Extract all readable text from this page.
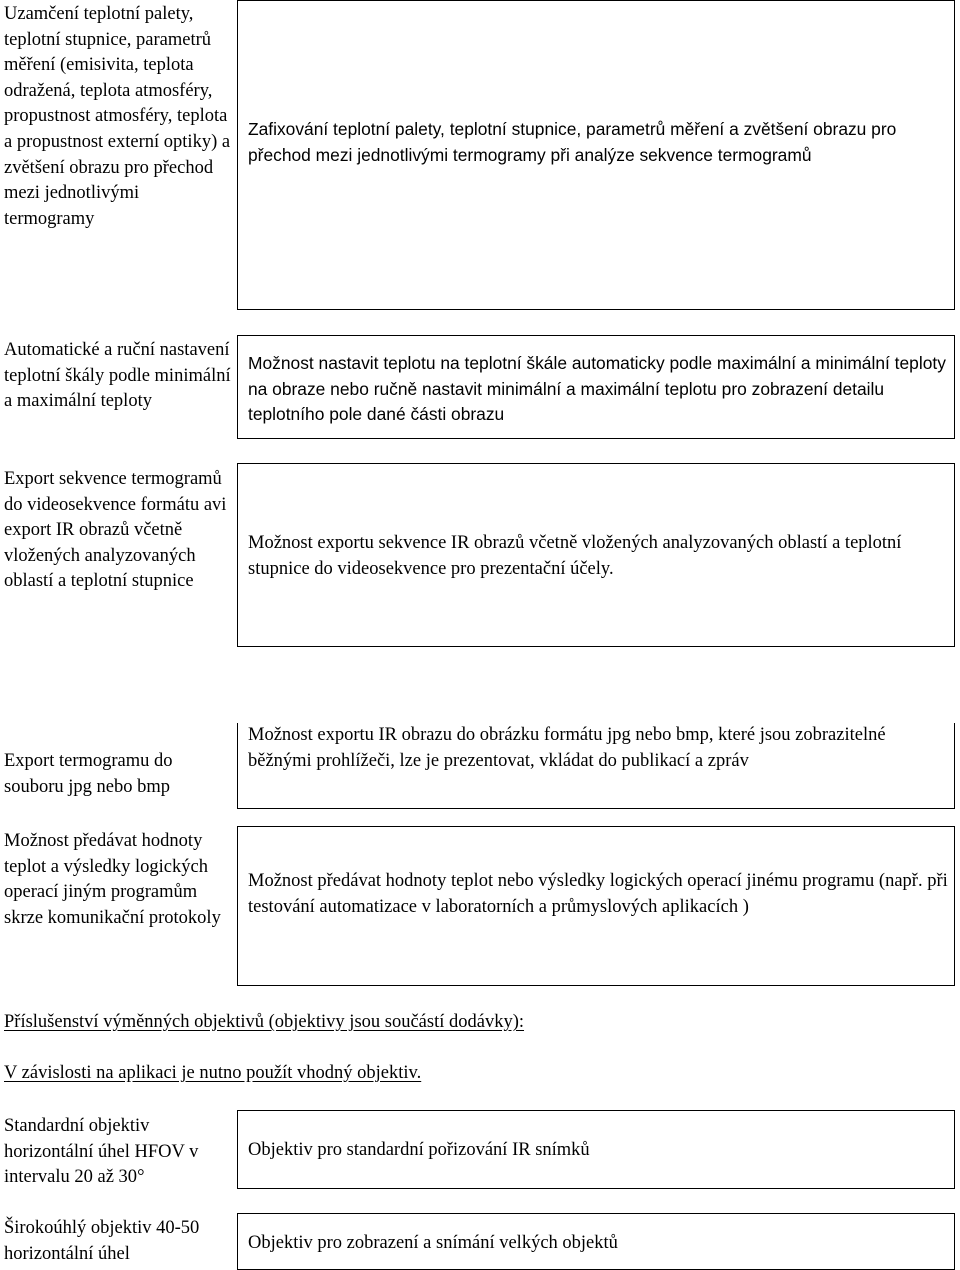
Uzamčení teplotní palety, teplotní stupnice, parametrů měření (emisivita, teplota odražená, teplota atmosféry, propustnost atmosféry, teplota a propustnost externí optiky) a zvětšení obrazu pro přechod mezi jednotlivými termogramy
Zafixování teplotní palety, teplotní stupnice, parametrů měření a zvětšení obrazu pro přechod mezi jednotlivými termogramy při analýze sekvence termogramů
Automatické a ruční nastavení teplotní škály podle minimální a maximální teploty
Možnost nastavit teplotu na teplotní škále automaticky podle maximální a minimální teploty na obraze nebo ručně nastavit minimální a maximální teplotu pro zobrazení detailu teplotního pole dané části obrazu
Export sekvence termogramů do videosekvence formátu avi export IR obrazů včetně vložených analyzovaných oblastí a teplotní stupnice
Možnost exportu sekvence IR obrazů včetně vložených analyzovaných oblastí a teplotní stupnice do videosekvence pro prezentační účely.
Export termogramu do souboru jpg nebo bmp
Možnost exportu IR obrazu do obrázku formátu jpg nebo bmp, které jsou zobrazitelné běžnými prohlížeči, lze je prezentovat, vkládat do publikací a zpráv
Možnost předávat hodnoty teplot a výsledky logických operací jiným programům skrze komunikační protokoly
Možnost předávat hodnoty teplot nebo výsledky logických operací jinému programu (např. při testování automatizace v laboratorních a průmyslových aplikacích )
Příslušenství výměnných objektivů (objektivy jsou součástí dodávky):
V závislosti na aplikaci je nutno použít vhodný objektiv.
Standardní objektiv horizontální úhel HFOV v intervalu 20 až 30°
Objektiv pro standardní pořizování IR snímků
Širokoúhlý objektiv 40-50 horizontální úhel
Objektiv pro zobrazení a snímání velkých objektů
